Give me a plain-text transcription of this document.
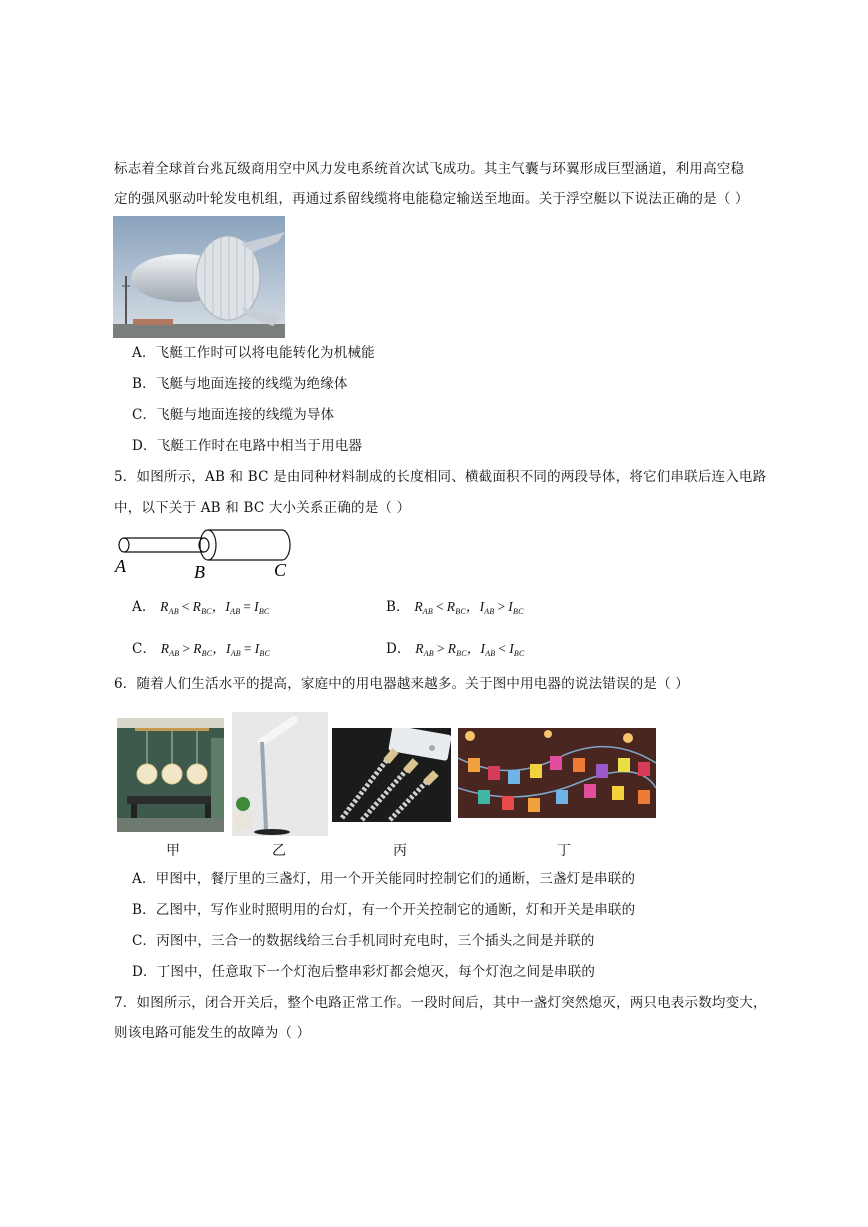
标志着全球首台兆瓦级商用空中风力发电系统首次试飞成功。其主气囊与环翼形成巨型涵道，利用高空稳
定的强风驱动叶轮发电机组，再通过系留线缆将电能稳定输送至地面。关于浮空艇以下说法正确的是（ ）
A．飞艇工作时可以将电能转化为机械能
B．飞艇与地面连接的线缆为绝缘体
C．飞艇与地面连接的线缆为导体
D．飞艇工作时在电路中相当于用电器
5．如图所示，AB 和 BC 是由同种材料制成的长度相同、横截面积不同的两段导体，将它们串联后连入电路
中，以下关于 AB 和 BC 大小关系正确的是（ ）
A	B	C
A． $R_{AB} < R_{BC}$，$I_{AB} = I_{BC}$	B． $R_{AB} < R_{BC}$，$I_{AB} > I_{BC}$
C． $R_{AB} > R_{BC}$，$I_{AB} = I_{BC}$	D． $R_{AB} > R_{BC}$，$I_{AB} < I_{BC}$
6．随着人们生活水平的提高，家庭中的用电器越来越多。关于图中用电器的说法错误的是（ ）
甲	乙	丙	丁
A．甲图中，餐厅里的三盏灯，用一个开关能同时控制它们的通断，三盏灯是串联的
B．乙图中，写作业时照明用的台灯，有一个开关控制它的通断，灯和开关是串联的
C．丙图中，三合一的数据线给三台手机同时充电时，三个插头之间是并联的
D．丁图中，任意取下一个灯泡后整串彩灯都会熄灭，每个灯泡之间是串联的
7．如图所示，闭合开关后，整个电路正常工作。一段时间后，其中一盏灯突然熄灭，两只电表示数均变大，
则该电路可能发生的故障为（ ）
